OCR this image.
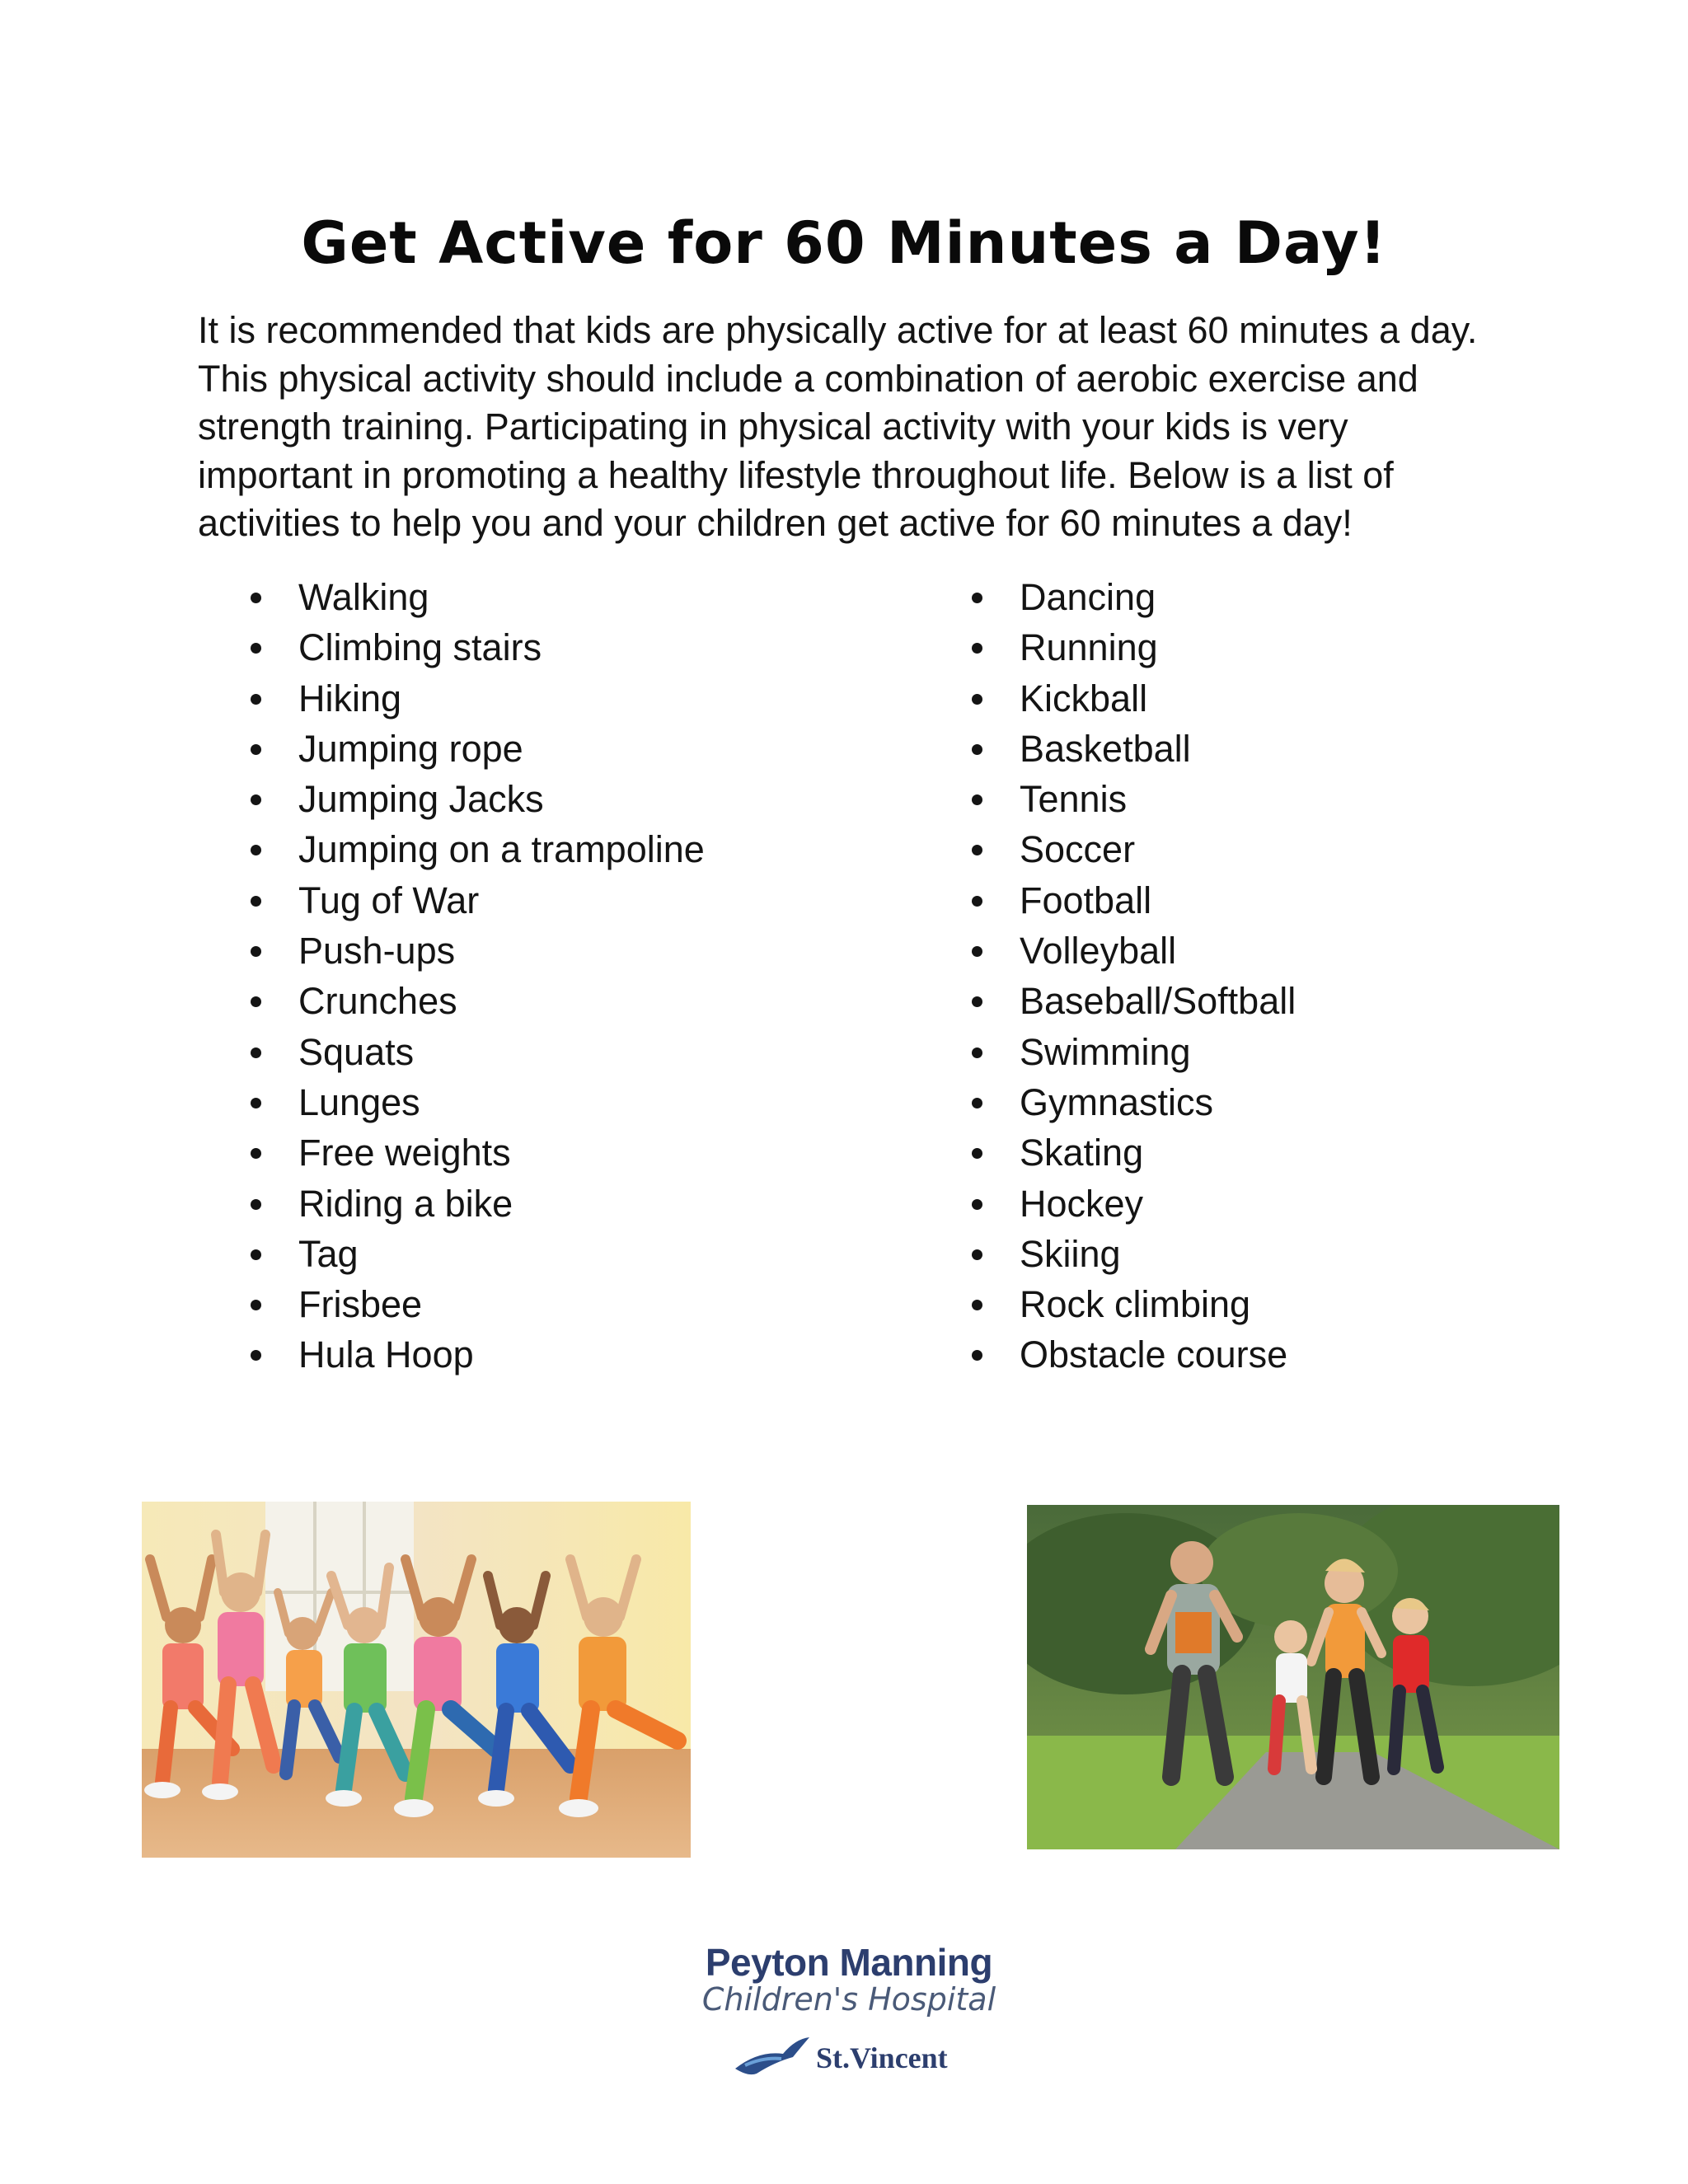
Get Active for 60 Minutes a Day!

It is recommended that kids are physically active for at least 60 minutes a day. This physical activity should include a combination of aerobic exercise and strength training. Participating in physical activity with your kids is very important in promoting a healthy lifestyle throughout life. Below is a list of activities to help you and your children get active for 60 minutes a day!

Walking
Climbing stairs
Hiking
Jumping rope
Jumping Jacks
Jumping on a trampoline
Tug of War
Push-ups
Crunches
Squats
Lunges
Free weights
Riding a bike
Tag
Frisbee
Hula Hoop
Dancing
Running
Kickball
Basketball
Tennis
Soccer
Football
Volleyball
Baseball/Softball
Swimming
Gymnastics
Skating
Hockey
Skiing
Rock climbing
Obstacle course
Peyton Manning
Children's Hospital
St.Vincent
